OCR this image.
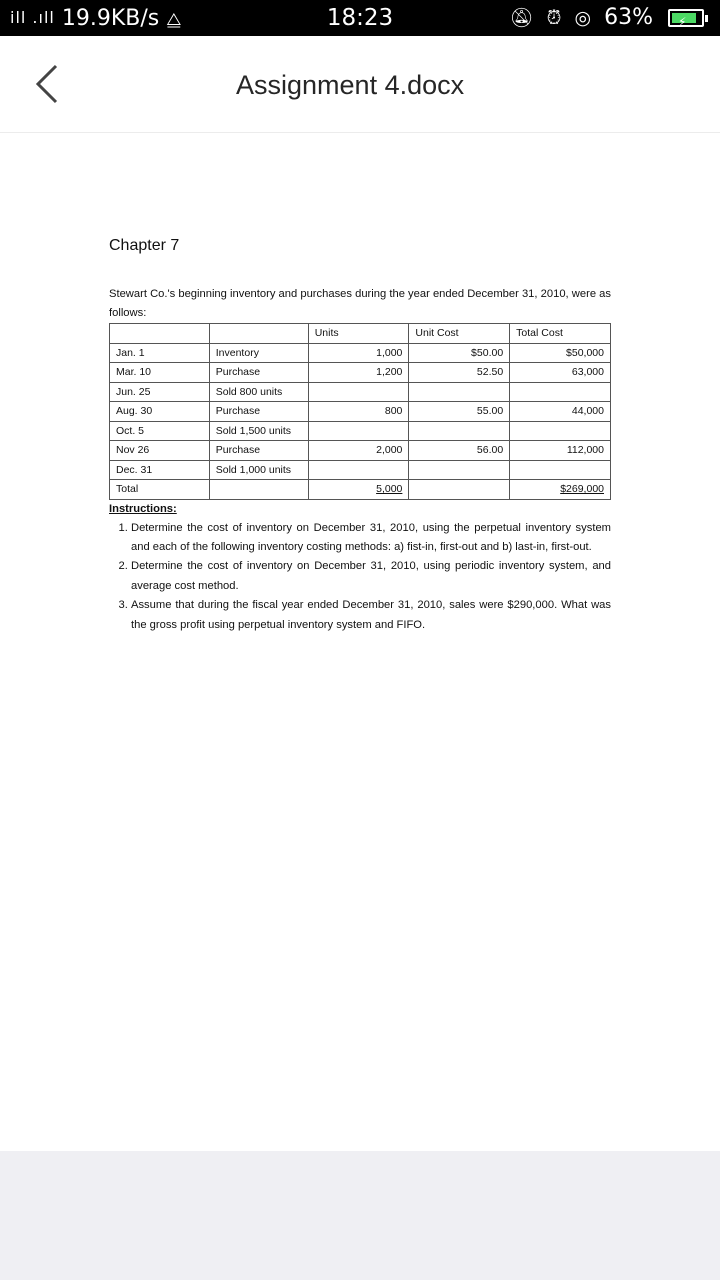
ill .ıll 19.9KB/s ⧋	18:23	🔕︎ ⏰︎ ◎ 63% ⚡︎
Assignment 4.docx

Chapter 7

Stewart Co.'s beginning inventory and purchases during the year ended December 31, 2010, were as follows:
		Units	Unit Cost	Total Cost
Jan. 1	Inventory	1,000	$50.00	$50,000
Mar. 10	Purchase	1,200	52.50	63,000
Jun. 25	Sold 800 units			
Aug. 30	Purchase	800	55.00	44,000
Oct. 5	Sold 1,500 units			
Nov 26	Purchase	2,000	56.00	112,000
Dec. 31	Sold 1,000 units			
Total		5,000		$269,000
Instructions:
1. Determine the cost of inventory on December 31, 2010, using the perpetual inventory system and each of the following inventory costing methods: a) fist-in, first-out and b) last-in, first-out.
2. Determine the cost of inventory on December 31, 2010, using periodic inventory system, and average cost method.
3. Assume that during the fiscal year ended December 31, 2010, sales were $290,000. What was the gross profit using perpetual inventory system and FIFO.
